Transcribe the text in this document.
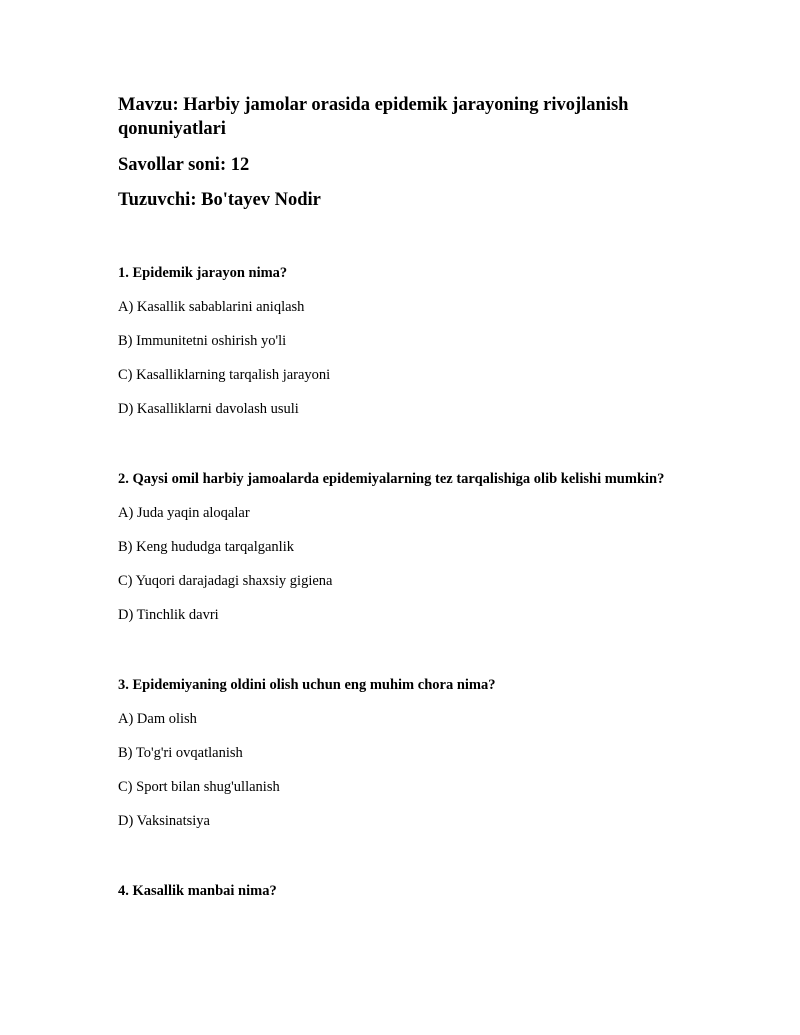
Mavzu: Harbiy jamolar orasida epidemik jarayoning rivojlanish qonuniyatlari

Savollar soni: 12

Tuzuvchi: Bo'tayev Nodir

1. Epidemik jarayon nima?

A) Kasallik sabablarini aniqlash

B) Immunitetni oshirish yo'li

C) Kasalliklarning tarqalish jarayoni

D) Kasalliklarni davolash usuli

2. Qaysi omil harbiy jamoalarda epidemiyalarning tez tarqalishiga olib kelishi mumkin?

A) Juda yaqin aloqalar

B) Keng hududga tarqalganlik

C) Yuqori darajadagi shaxsiy gigiena

D) Tinchlik davri

3. Epidemiyaning oldini olish uchun eng muhim chora nima?

A) Dam olish

B) To'g'ri ovqatlanish

C) Sport bilan shug'ullanish

D) Vaksinatsiya

4. Kasallik manbai nima?
